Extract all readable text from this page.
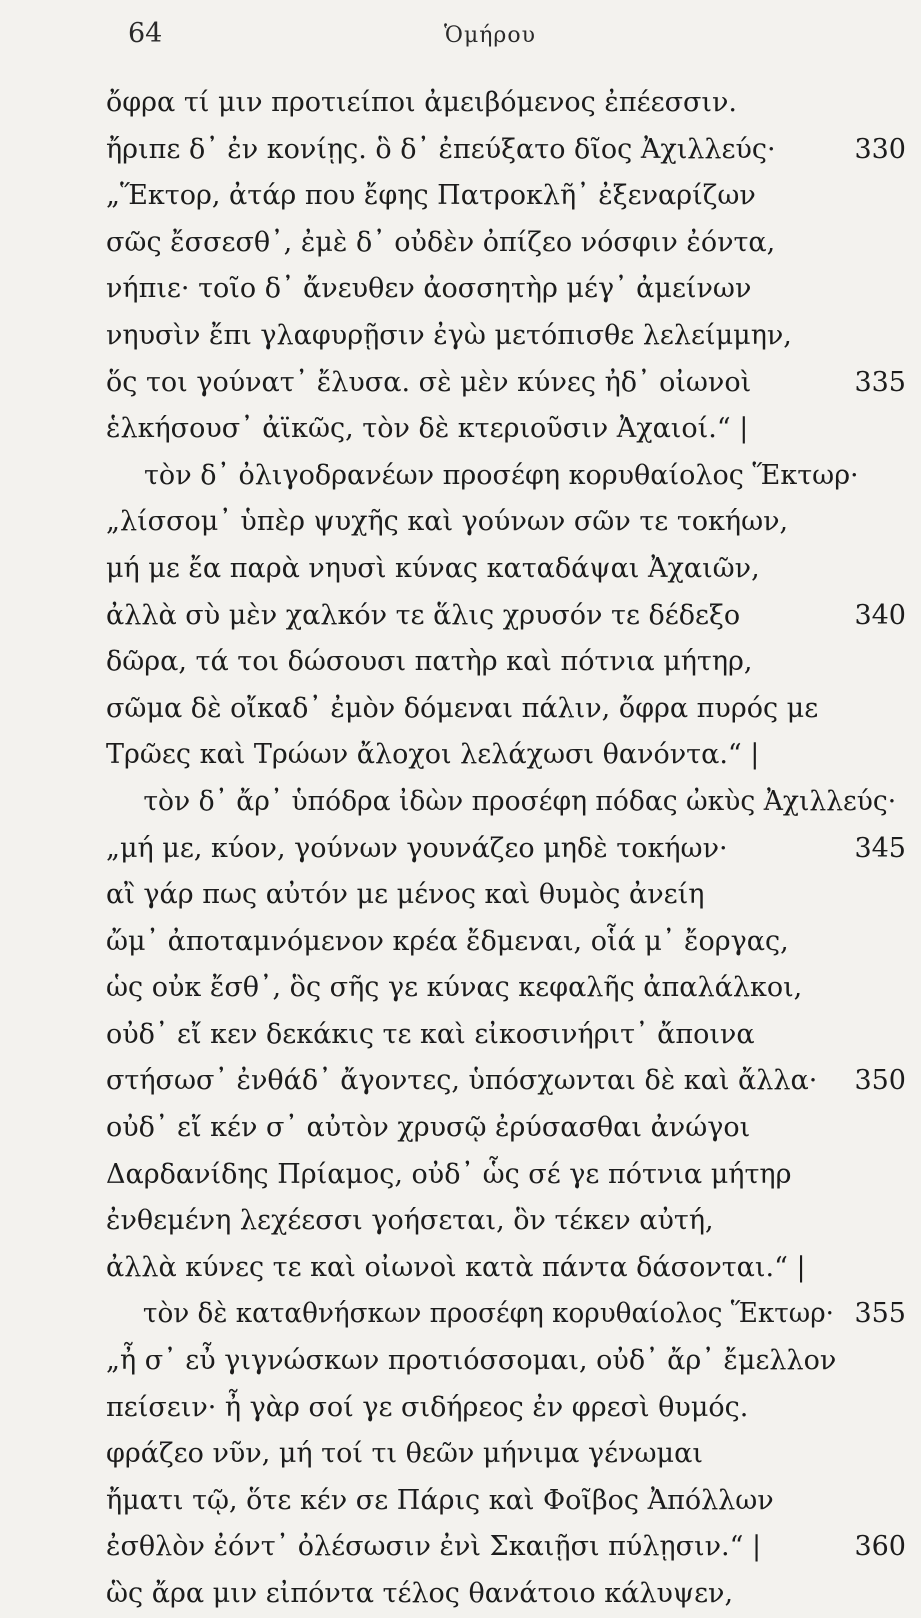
64	Ὁμήρου
ὄφρα τί μιν προτιείποι ἀμειβόμενος ἐπέεσσιν.
ἤριπε δ᾿ ἐν κονίῃς. ὃ δ᾿ ἐπεύξατο δῖος Ἀχιλλεύς·	330
„Ἕκτορ, ἀτάρ που ἔφης Πατροκλῆ᾿ ἐξεναρίζων
σῶς ἔσσεσθ᾿, ἐμὲ δ᾿ οὐδὲν ὀπίζεο νόσφιν ἐόντα,
νήπιε· τοῖο δ᾿ ἄνευθεν ἀοσσητὴρ μέγ᾿ ἀμείνων
νηυσὶν ἔπι γλαφυρῇσιν ἐγὼ μετόπισθε λελείμμην,
ὅς τοι γούνατ᾿ ἔλυσα. σὲ μὲν κύνες ἠδ᾿ οἰωνοὶ	335
ἑλκήσουσ᾿ ἀϊκῶς, τὸν δὲ κτεριοῦσιν Ἀχαιοί.“ |
τὸν δ᾿ ὀλιγοδρανέων προσέφη κορυθαίολος Ἕκτωρ·
„λίσσομ᾿ ὑπὲρ ψυχῆς καὶ γούνων σῶν τε τοκήων,
μή με ἔα παρὰ νηυσὶ κύνας καταδάψαι Ἀχαιῶν,
ἀλλὰ σὺ μὲν χαλκόν τε ἅλις χρυσόν τε δέδεξο	340
δῶρα, τά τοι δώσουσι πατὴρ καὶ πότνια μήτηρ,
σῶμα δὲ οἴκαδ᾿ ἐμὸν δόμεναι πάλιν, ὄφρα πυρός με
Τρῶες καὶ Τρώων ἄλοχοι λελάχωσι θανόντα.“ |
τὸν δ᾿ ἄρ᾿ ὑπόδρα ἰδὼν προσέφη πόδας ὠκὺς Ἀχιλλεύς·
„μή με, κύον, γούνων γουνάζεο μηδὲ τοκήων·	345
αἲ γάρ πως αὐτόν με μένος καὶ θυμὸς ἀνείη
ὤμ᾿ ἀποταμνόμενον κρέα ἔδμεναι, οἷά μ᾿ ἔοργας,
ὡς οὐκ ἔσθ᾿, ὃς σῆς γε κύνας κεφαλῆς ἀπαλάλκοι,
οὐδ᾿ εἴ κεν δεκάκις τε καὶ εἰκοσινήριτ᾿ ἄποινα
στήσωσ᾿ ἐνθάδ᾿ ἄγοντες, ὑπόσχωνται δὲ καὶ ἄλλα· 350
οὐδ᾿ εἴ κέν σ᾿ αὐτὸν χρυσῷ ἐρύσασθαι ἀνώγοι
Δαρδανίδης Πρίαμος, οὐδ᾿ ὧς σέ γε πότνια μήτηρ
ἐνθεμένη λεχέεσσι γοήσεται, ὃν τέκεν αὐτή,
ἀλλὰ κύνες τε καὶ οἰωνοὶ κατὰ πάντα δάσονται.“ |
τὸν δὲ καταθνήσκων προσέφη κορυθαίολος Ἕκτωρ· 355
„ἦ σ᾿ εὖ γιγνώσκων προτιόσσομαι, οὐδ᾿ ἄρ᾿ ἔμελλον
πείσειν· ἦ γὰρ σοί γε σιδήρεος ἐν φρεσὶ θυμός.
φράζεο νῦν, μή τοί τι θεῶν μήνιμα γένωμαι
ἤματι τῷ, ὅτε κέν σε Πάρις καὶ Φοῖβος Ἀπόλλων
ἐσθλὸν ἐόντ᾿ ὀλέσωσιν ἐνὶ Σκαιῇσι πύλῃσιν.“ |	360
ὣς ἄρα μιν εἰπόντα τέλος θανάτοιο κάλυψεν,
